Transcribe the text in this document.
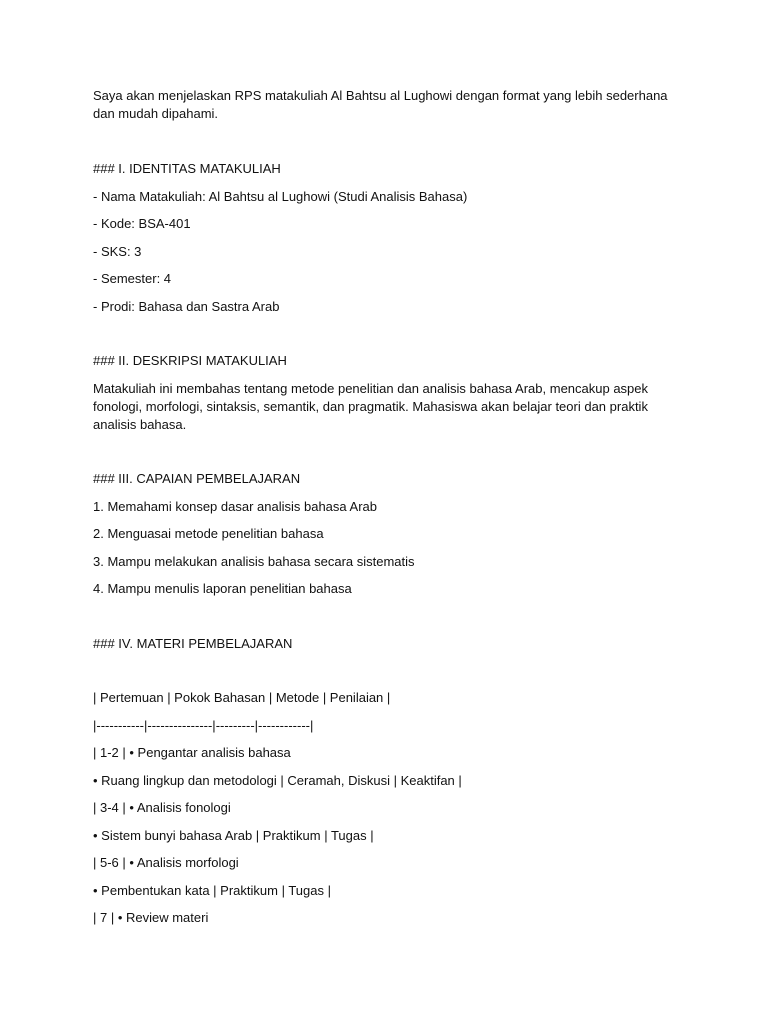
Saya akan menjelaskan RPS matakuliah Al Bahtsu al Lughowi dengan format yang lebih sederhana dan mudah dipahami.

### I. IDENTITAS MATAKULIAH

- Nama Matakuliah: Al Bahtsu al Lughowi (Studi Analisis Bahasa)

- Kode: BSA-401

- SKS: 3

- Semester: 4

- Prodi: Bahasa dan Sastra Arab

### II. DESKRIPSI MATAKULIAH

Matakuliah ini membahas tentang metode penelitian dan analisis bahasa Arab, mencakup aspek fonologi, morfologi, sintaksis, semantik, dan pragmatik. Mahasiswa akan belajar teori dan praktik analisis bahasa.

### III. CAPAIAN PEMBELAJARAN

1. Memahami konsep dasar analisis bahasa Arab

2. Menguasai metode penelitian bahasa

3. Mampu melakukan analisis bahasa secara sistematis

4. Mampu menulis laporan penelitian bahasa

### IV. MATERI PEMBELAJARAN

| Pertemuan | Pokok Bahasan | Metode | Penilaian |

|-----------|---------------|---------|------------|

| 1-2 | • Pengantar analisis bahasa

• Ruang lingkup dan metodologi | Ceramah, Diskusi | Keaktifan |

| 3-4 | • Analisis fonologi

• Sistem bunyi bahasa Arab | Praktikum | Tugas |

| 5-6 | • Analisis morfologi

• Pembentukan kata | Praktikum | Tugas |

| 7 | • Review materi
